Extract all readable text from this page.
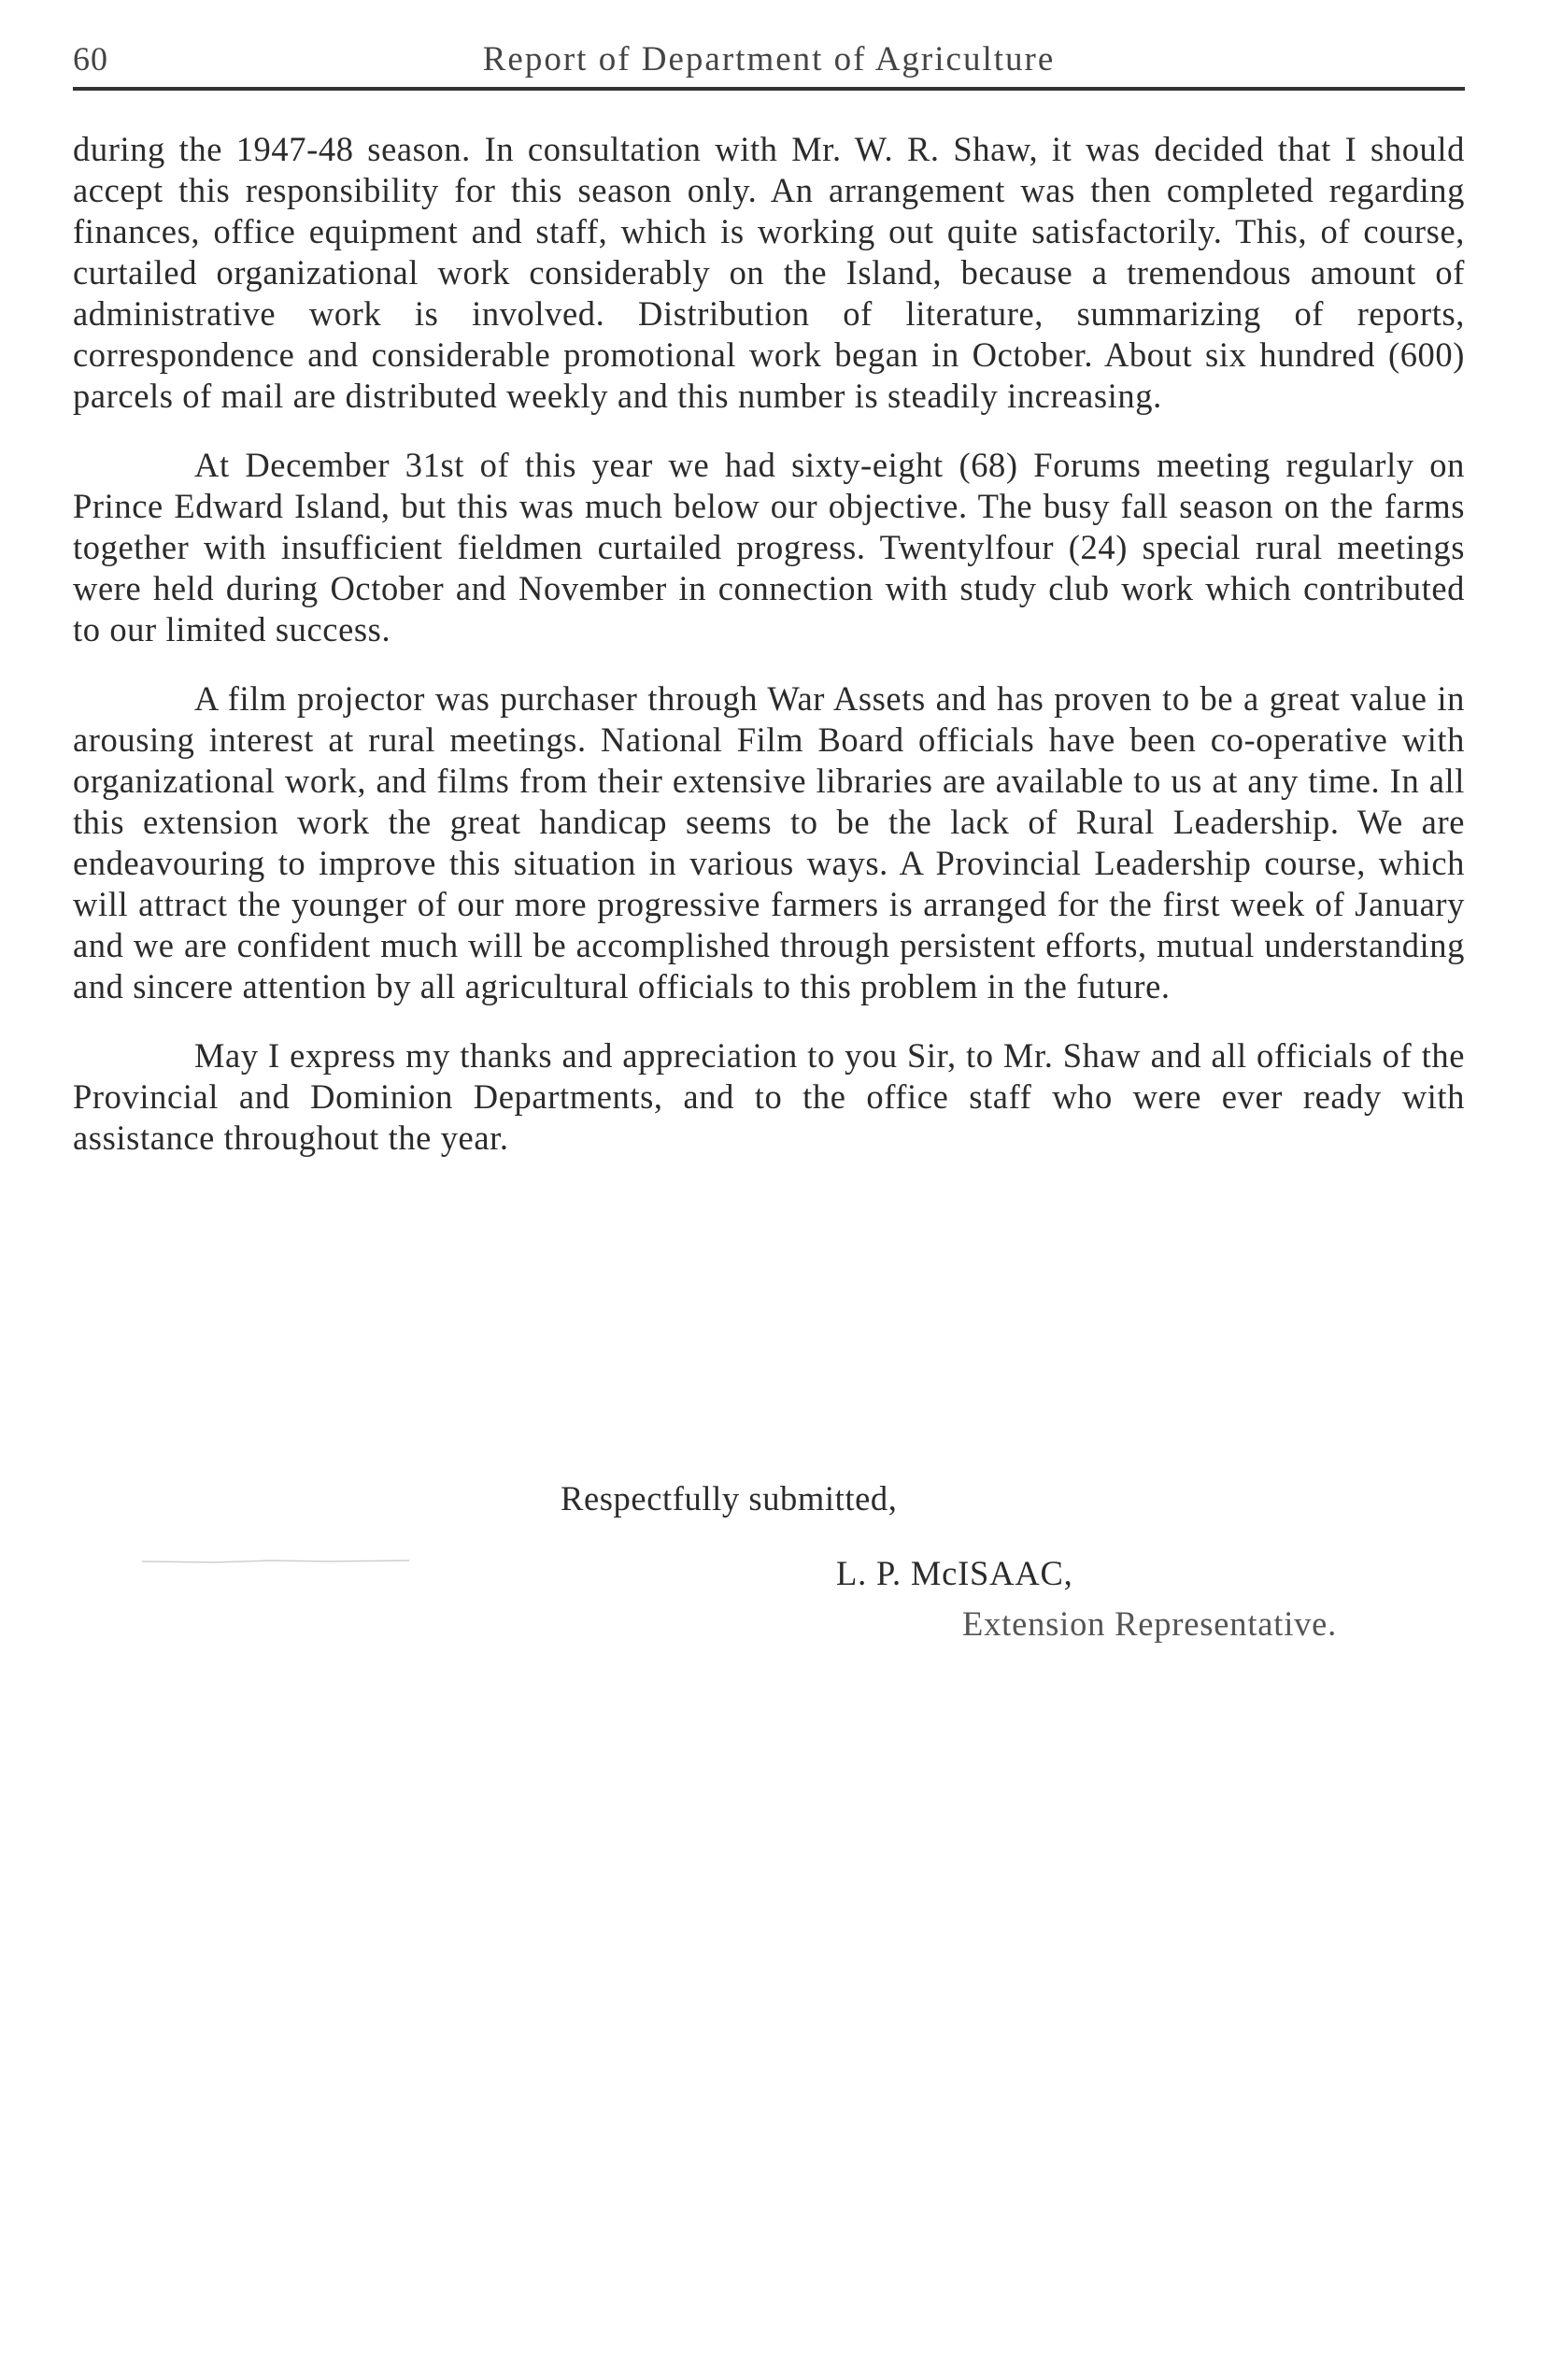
60	Report of Department of Agriculture

during the 1947-48 season. In consultation with Mr. W. R. Shaw, it was decided that I should accept this responsibility for this season only. An arrangement was then completed regarding finances, office equipment and staff, which is working out quite satisfactorily. This, of course, curtailed organizational work considerably on the Island, because a tremendous amount of administrative work is involved. Distribution of literature, summarizing of reports, correspondence and considerable promotional work began in October. About six hundred (600) parcels of mail are distributed weekly and this number is steadily increasing.

At December 31st of this year we had sixty-eight (68) Forums meeting regularly on Prince Edward Island, but this was much below our objective. The busy fall season on the farms together with insufficient fieldmen curtailed progress. Twentylfour (24) special rural meetings were held during October and November in connection with study club work which contributed to our limited success.

A film projector was purchaser through War Assets and has proven to be a great value in arousing interest at rural meetings. National Film Board officials have been co-operative with organizational work, and films from their extensive libraries are available to us at any time. In all this extension work the great handicap seems to be the lack of Rural Leadership. We are endeavouring to improve this situation in various ways. A Provincial Leadership course, which will attract the younger of our more progressive farmers is arranged for the first week of January and we are confident much will be accomplished through persistent efforts, mutual understanding and sincere attention by all agricultural officials to this problem in the future.

May I express my thanks and appreciation to you Sir, to Mr. Shaw and all officials of the Provincial and Dominion Departments, and to the office staff who were ever ready with assistance throughout the year.

Respectfully submitted,
L. P. McISAAC,
Extension Representative.
